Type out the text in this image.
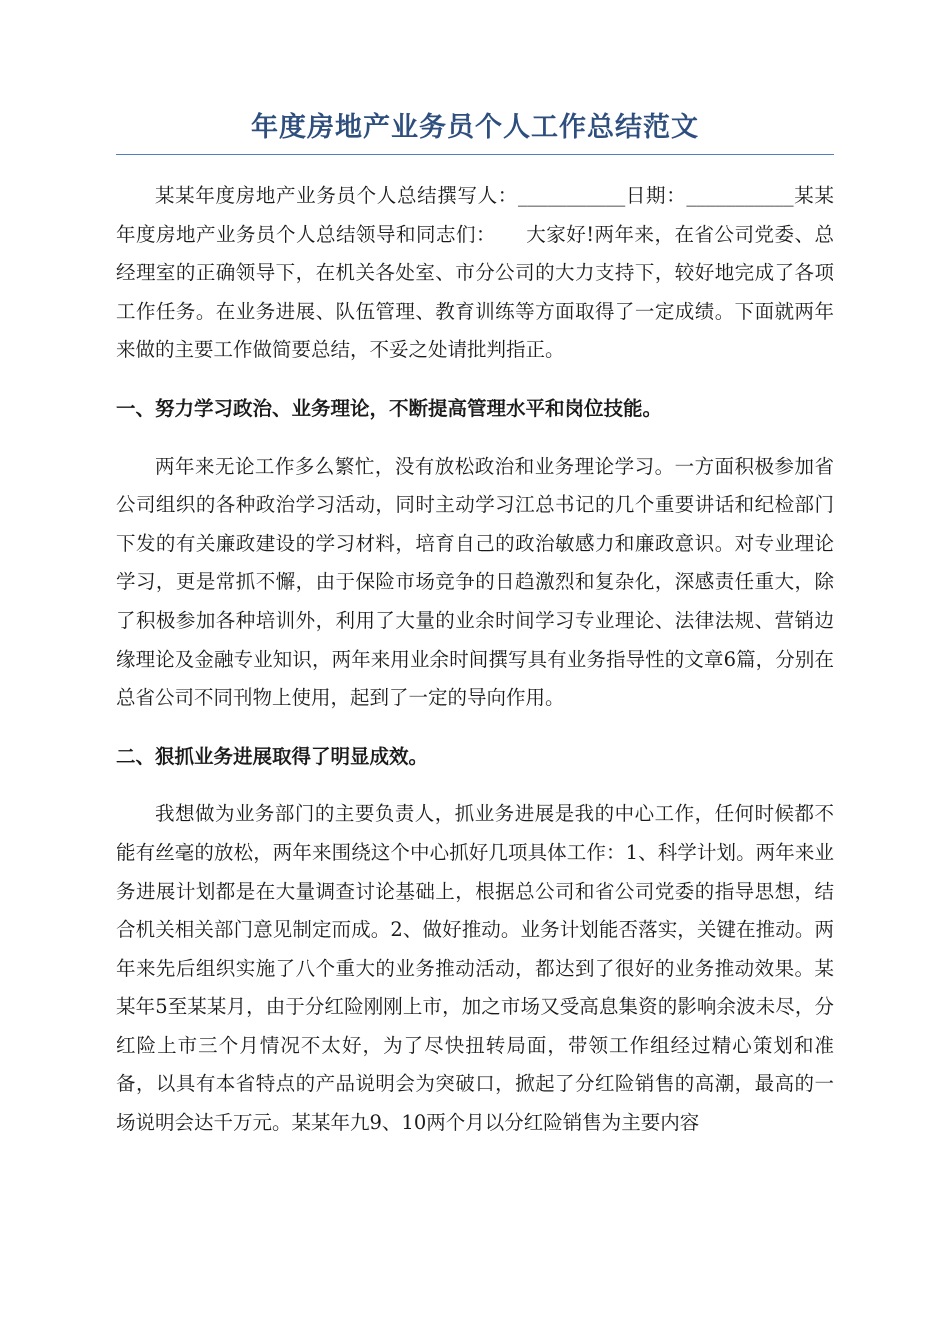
年度房地产业务员个人工作总结范文

某某年度房地产业务员个人总结撰写人：___________日期：___________某某年度房地产业务员个人总结领导和同志们：　　大家好!两年来，在省公司党委、总经理室的正确领导下，在机关各处室、市分公司的大力支持下，较好地完成了各项工作任务。在业务进展、队伍管理、教育训练等方面取得了一定成绩。下面就两年来做的主要工作做简要总结，不妥之处请批判指正。

一、努力学习政治、业务理论，不断提高管理水平和岗位技能。

两年来无论工作多么繁忙，没有放松政治和业务理论学习。一方面积极参加省公司组织的各种政治学习活动，同时主动学习江总书记的几个重要讲话和纪检部门下发的有关廉政建设的学习材料，培育自己的政治敏感力和廉政意识。对专业理论学习，更是常抓不懈，由于保险市场竞争的日趋激烈和复杂化，深感责任重大，除了积极参加各种培训外，利用了大量的业余时间学习专业理论、法律法规、营销边缘理论及金融专业知识，两年来用业余时间撰写具有业务指导性的文章6篇，分别在总省公司不同刊物上使用，起到了一定的导向作用。

二、狠抓业务进展取得了明显成效。

我想做为业务部门的主要负责人，抓业务进展是我的中心工作，任何时候都不能有丝毫的放松，两年来围绕这个中心抓好几项具体工作：1、科学计划。两年来业务进展计划都是在大量调查讨论基础上，根据总公司和省公司党委的指导思想，结合机关相关部门意见制定而成。2、做好推动。业务计划能否落实，关键在推动。两年来先后组织实施了八个重大的业务推动活动，都达到了很好的业务推动效果。某某年5至某某月，由于分红险刚刚上市，加之市场又受高息集资的影响余波未尽，分红险上市三个月情况不太好，为了尽快扭转局面，带领工作组经过精心策划和准备，以具有本省特点的产品说明会为突破口，掀起了分红险销售的高潮，最高的一场说明会达千万元。某某年九9、10两个月以分红险销售为主要内容
